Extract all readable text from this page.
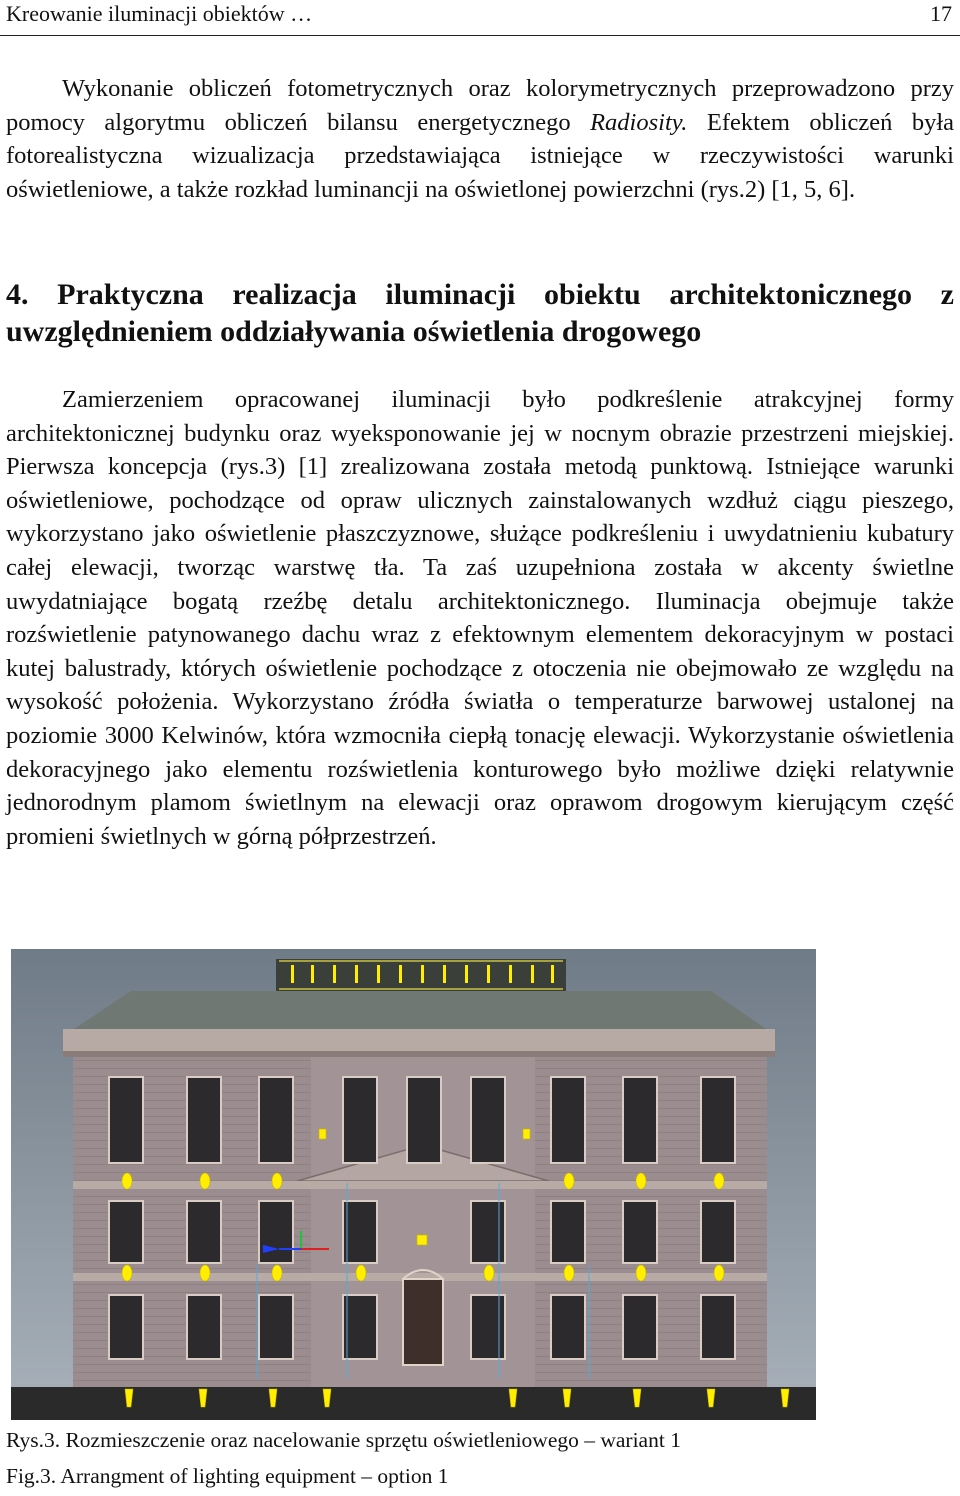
Kreowanie iluminacji obiektów …	17

Wykonanie obliczeń fotometrycznych oraz kolorymetrycznych przeprowadzono przy pomocy algorytmu obliczeń bilansu energetycznego Radiosity. Efektem obliczeń była fotorealistyczna wizualizacja przedstawiająca istniejące w rzeczywistości warunki oświetleniowe, a także rozkład luminancji na oświetlonej powierzchni (rys.2) [1, 5, 6].

4. Praktyczna realizacja iluminacji obiektu architektonicznego z uwzględnieniem oddziaływania oświetlenia drogowego

Zamierzeniem opracowanej iluminacji było podkreślenie atrakcyjnej formy architektonicznej budynku oraz wyeksponowanie jej w nocnym obrazie przestrzeni miejskiej. Pierwsza koncepcja (rys.3) [1] zrealizowana została metodą punktową. Istniejące warunki oświetleniowe, pochodzące od opraw ulicznych zainstalowanych wzdłuż ciągu pieszego, wykorzystano jako oświetlenie płaszczyznowe, służące podkreśleniu i uwydatnieniu kubatury całej elewacji, tworząc warstwę tła. Ta zaś uzupełniona została w akcenty świetlne uwydatniające bogatą rzeźbę detalu architektonicznego. Iluminacja obejmuje także rozświetlenie patynowanego dachu wraz z efektownym elementem dekoracyjnym w postaci kutej balustrady, których oświetlenie pochodzące z otoczenia nie obejmowało ze względu na wysokość położenia. Wykorzystano źródła światła o temperaturze barwowej ustalonej na poziomie 3000 Kelwinów, która wzmocniła ciepłą tonację elewacji. Wykorzystanie oświetlenia dekoracyjnego jako elementu rozświetlenia konturowego było możliwe dzięki relatywnie jednorodnym plamom świetlnym na elewacji oraz oprawom drogowym kierującym część promieni świetlnych w górną półprzestrzeń.

Rys.3. Rozmieszczenie oraz nacelowanie sprzętu oświetleniowego – wariant 1
Fig.3. Arrangment of lighting equipment – option 1
